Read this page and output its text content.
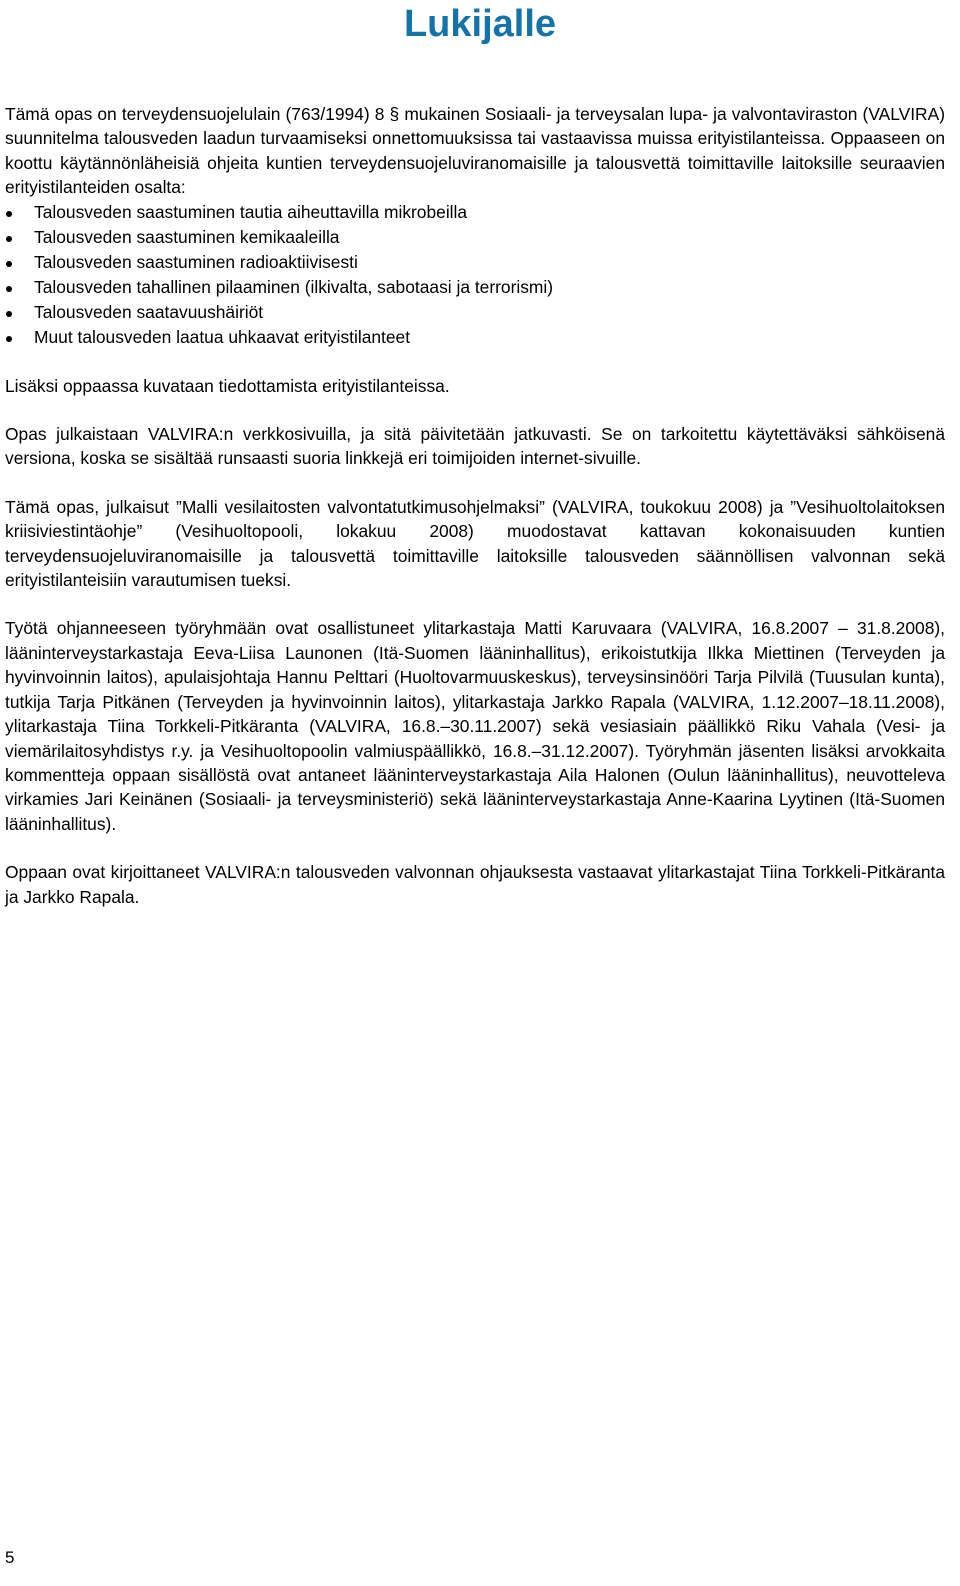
Lukijalle

Tämä opas on terveydensuojelulain (763/1994) 8 § mukainen Sosiaali- ja terveysalan lupa- ja valvontaviraston (VALVIRA) suunnitelma talousveden laadun turvaamiseksi onnettomuuksissa tai vastaavissa muissa erityistilanteissa. Oppaaseen on koottu käytännönläheisiä ohjeita kuntien terveydensuojeluviranomaisille ja talousvettä toimittaville laitoksille seuraavien erityistilanteiden osalta:

Talousveden saastuminen tautia aiheuttavilla mikrobeilla
Talousveden saastuminen kemikaaleilla
Talousveden saastuminen radioaktiivisesti
Talousveden tahallinen pilaaminen (ilkivalta, sabotaasi ja terrorismi)
Talousveden saatavuushäiriöt
Muut talousveden laatua uhkaavat erityistilanteet

Lisäksi oppaassa kuvataan tiedottamista erityistilanteissa.

Opas julkaistaan VALVIRA:n verkkosivuilla, ja sitä päivitetään jatkuvasti. Se on tarkoitettu käytettäväksi sähköisenä versiona, koska se sisältää runsaasti suoria linkkejä eri toimijoiden internet-sivuille.

Tämä opas, julkaisut ”Malli vesilaitosten valvontatutkimusohjelmaksi” (VALVIRA, toukokuu 2008) ja ”Vesihuoltolaitoksen kriisiviestintäohje” (Vesihuoltopooli, lokakuu 2008) muodostavat kattavan kokonaisuuden kuntien terveydensuojeluviranomaisille ja talousvettä toimittaville laitoksille talousveden säännöllisen valvonnan sekä erityistilanteisiin varautumisen tueksi.

Työtä ohjanneeseen työryhmään ovat osallistuneet ylitarkastaja Matti Karuvaara (VALVIRA, 16.8.2007 – 31.8.2008), lääninterveystarkastaja Eeva-Liisa Launonen (Itä-Suomen lääninhallitus), erikoistutkija Ilkka Miettinen (Terveyden ja hyvinvoinnin laitos), apulaisjohtaja Hannu Pelttari (Huoltovarmuuskeskus), terveysinsinööri Tarja Pilvilä (Tuusulan kunta), tutkija Tarja Pitkänen (Terveyden ja hyvinvoinnin laitos), ylitarkastaja Jarkko Rapala (VALVIRA, 1.12.2007–18.11.2008), ylitarkastaja Tiina Torkkeli-Pitkäranta (VALVIRA, 16.8.–30.11.2007) sekä vesiasiain päällikkö Riku Vahala (Vesi- ja viemärilaitosyhdistys r.y. ja Vesihuoltopoolin valmiuspäällikkö, 16.8.–31.12.2007). Työryhmän jäsenten lisäksi arvokkaita kommentteja oppaan sisällöstä ovat antaneet lääninterveystarkastaja Aila Halonen (Oulun lääninhallitus), neuvotteleva virkamies Jari Keinänen (Sosiaali- ja terveysministeriö) sekä lääninterveystarkastaja Anne-Kaarina Lyytinen (Itä-Suomen lääninhallitus).

Oppaan ovat kirjoittaneet VALVIRA:n talousveden valvonnan ohjauksesta vastaavat ylitarkastajat Tiina Torkkeli-Pitkäranta ja Jarkko Rapala.

5
